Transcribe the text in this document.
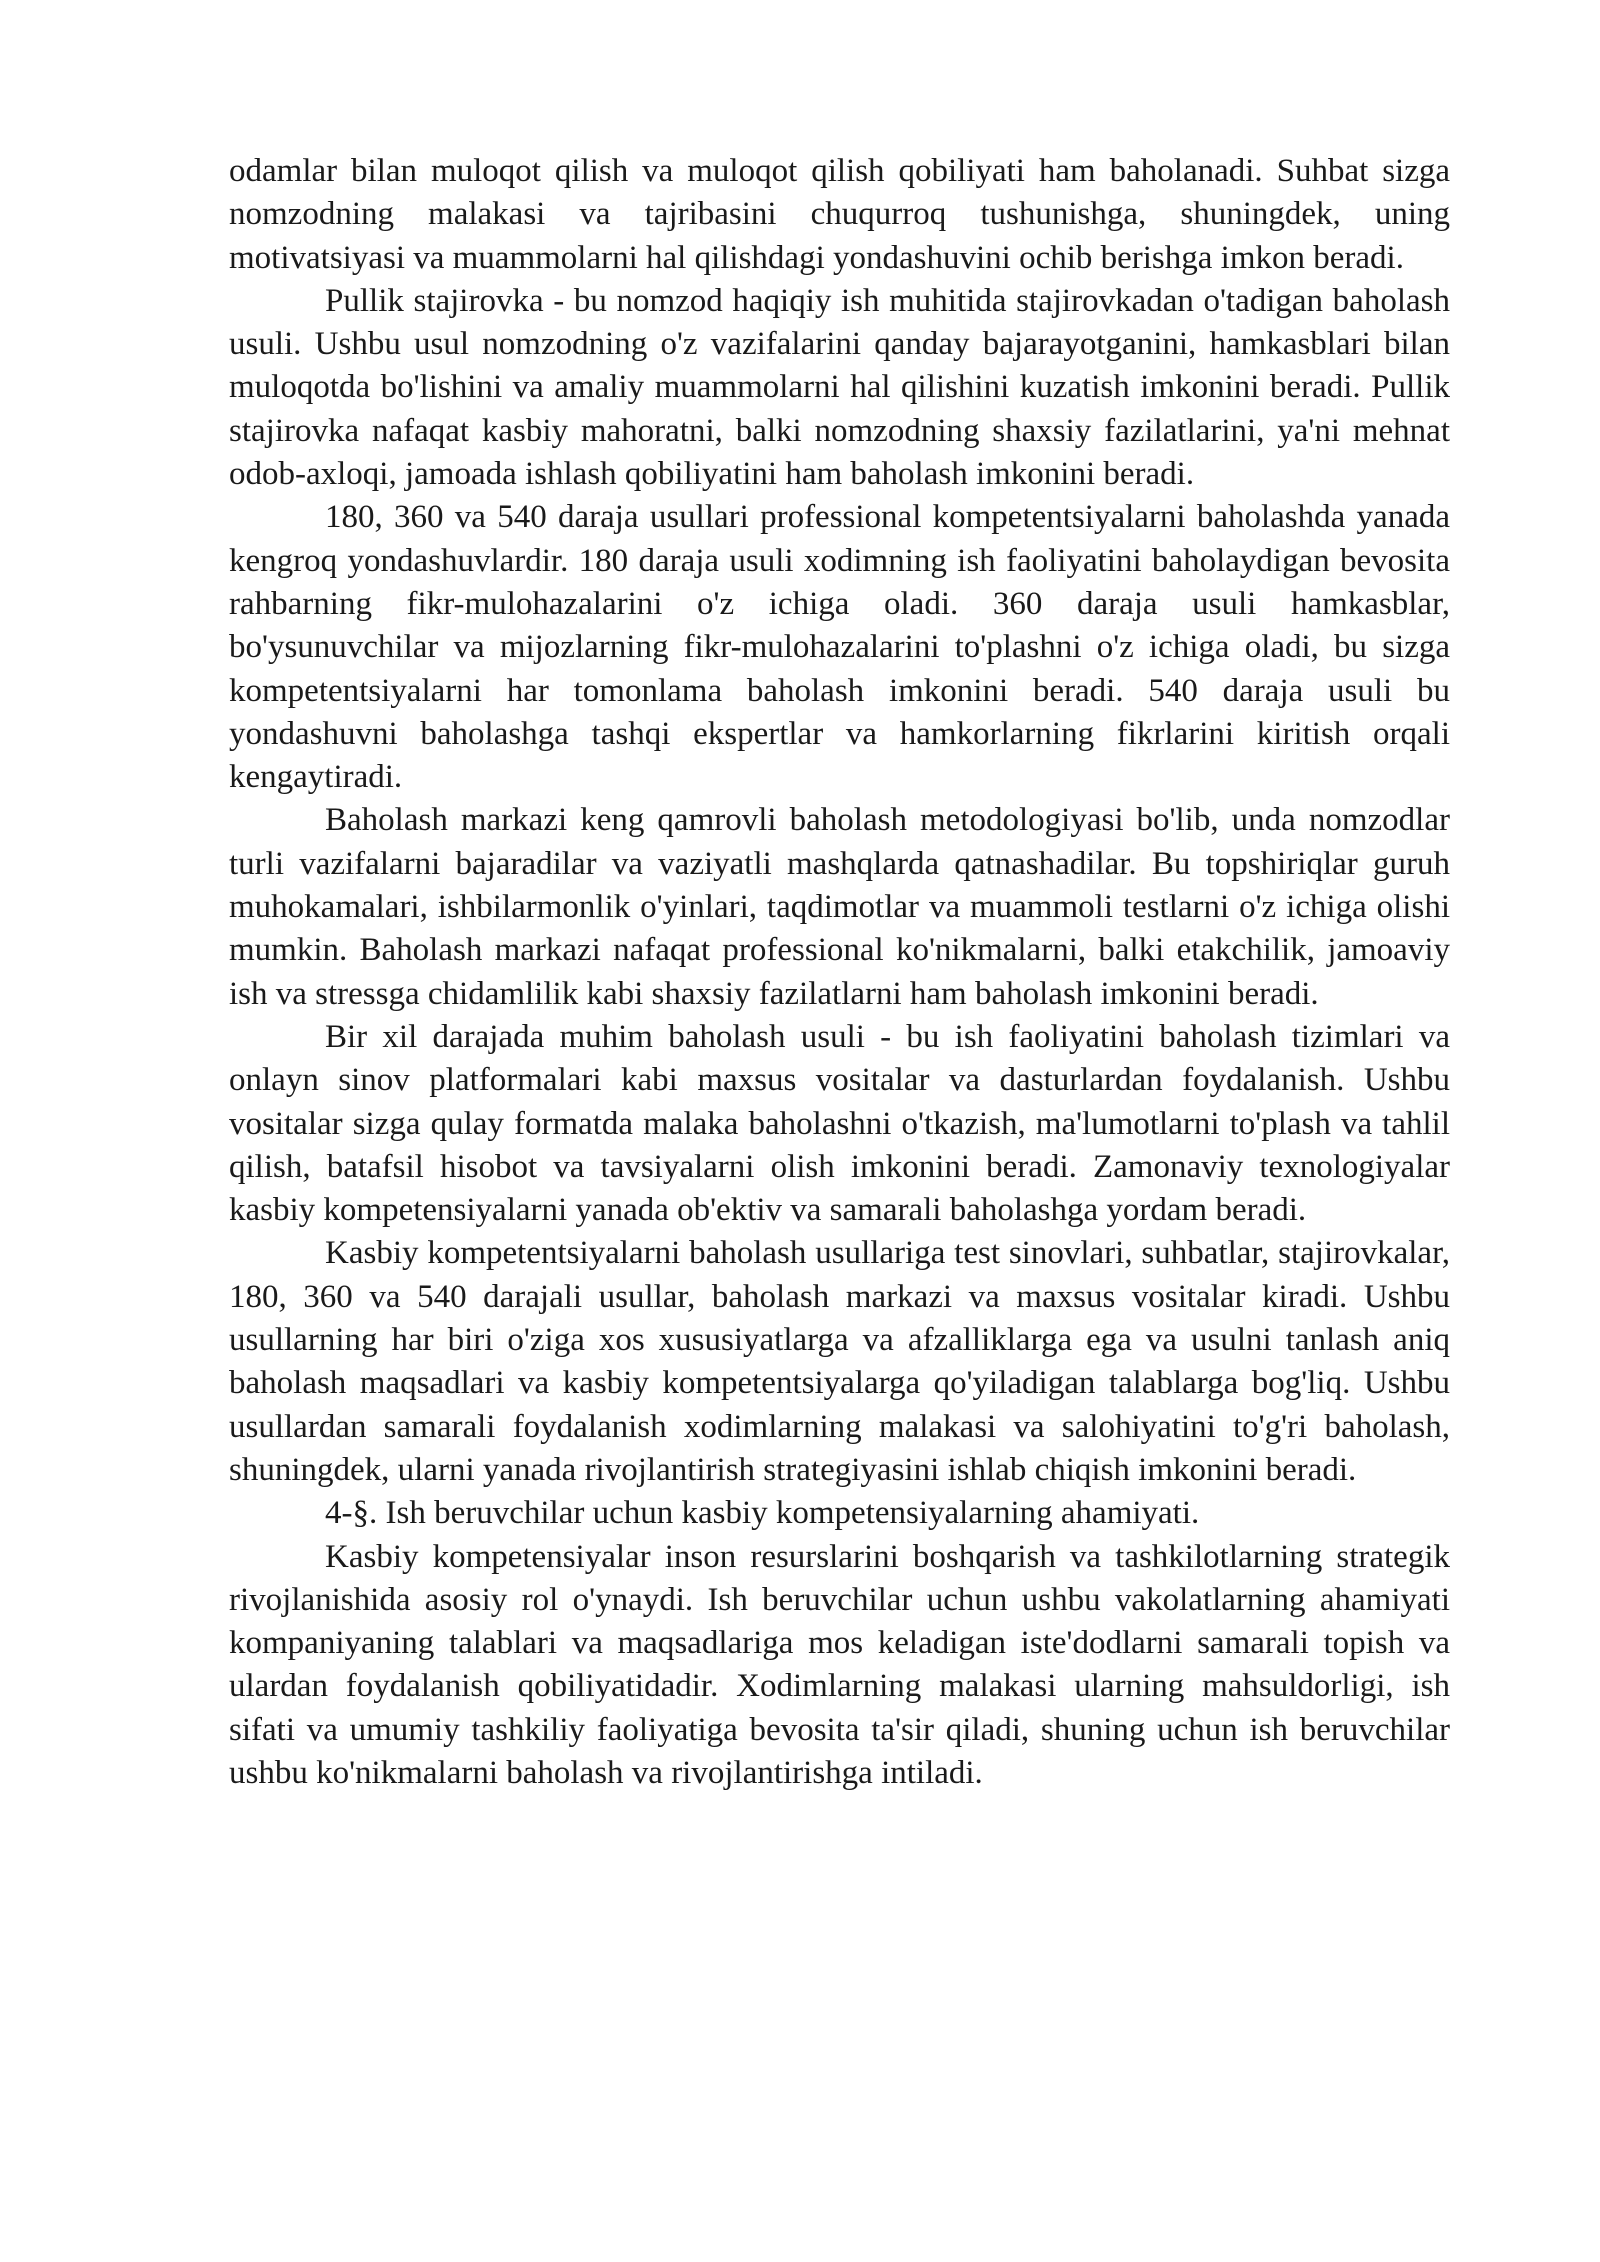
odamlar bilan muloqot qilish va muloqot qilish qobiliyati ham baholanadi. Suhbat sizga nomzodning malakasi va tajribasini chuqurroq tushunishga, shuningdek, uning motivatsiyasi va muammolarni hal qilishdagi yondashuvini ochib berishga imkon beradi.

Pullik stajirovka - bu nomzod haqiqiy ish muhitida stajirovkadan o'tadigan baholash usuli. Ushbu usul nomzodning o'z vazifalarini qanday bajarayotganini, hamkasblari bilan muloqotda bo'lishini va amaliy muammolarni hal qilishini kuzatish imkonini beradi. Pullik stajirovka nafaqat kasbiy mahoratni, balki nomzodning shaxsiy fazilatlarini, ya'ni mehnat odob-axloqi, jamoada ishlash qobiliyatini ham baholash imkonini beradi.

180, 360 va 540 daraja usullari professional kompetentsiyalarni baholashda yanada kengroq yondashuvlardir. 180 daraja usuli xodimning ish faoliyatini baholaydigan bevosita rahbarning fikr-mulohazalarini o'z ichiga oladi. 360 daraja usuli hamkasblar, bo'ysunuvchilar va mijozlarning fikr-mulohazalarini to'plashni o'z ichiga oladi, bu sizga kompetentsiyalarni har tomonlama baholash imkonini beradi. 540 daraja usuli bu yondashuvni baholashga tashqi ekspertlar va hamkorlarning fikrlarini kiritish orqali kengaytiradi.

Baholash markazi keng qamrovli baholash metodologiyasi bo'lib, unda nomzodlar turli vazifalarni bajaradilar va vaziyatli mashqlarda qatnashadilar. Bu topshiriqlar guruh muhokamalari, ishbilarmonlik o'yinlari, taqdimotlar va muammoli testlarni o'z ichiga olishi mumkin. Baholash markazi nafaqat professional ko'nikmalarni, balki etakchilik, jamoaviy ish va stressga chidamlilik kabi shaxsiy fazilatlarni ham baholash imkonini beradi.

Bir xil darajada muhim baholash usuli - bu ish faoliyatini baholash tizimlari va onlayn sinov platformalari kabi maxsus vositalar va dasturlardan foydalanish. Ushbu vositalar sizga qulay formatda malaka baholashni o'tkazish, ma'lumotlarni to'plash va tahlil qilish, batafsil hisobot va tavsiyalarni olish imkonini beradi. Zamonaviy texnologiyalar kasbiy kompetensiyalarni yanada ob'ektiv va samarali baholashga yordam beradi.

Kasbiy kompetentsiyalarni baholash usullariga test sinovlari, suhbatlar, stajirovkalar, 180, 360 va 540 darajali usullar, baholash markazi va maxsus vositalar kiradi. Ushbu usullarning har biri o'ziga xos xususiyatlarga va afzalliklarga ega va usulni tanlash aniq baholash maqsadlari va kasbiy kompetentsiyalarga qo'yiladigan talablarga bog'liq. Ushbu usullardan samarali foydalanish xodimlarning malakasi va salohiyatini to'g'ri baholash, shuningdek, ularni yanada rivojlantirish strategiyasini ishlab chiqish imkonini beradi.

4-§. Ish beruvchilar uchun kasbiy kompetensiyalarning ahamiyati.

Kasbiy kompetensiyalar inson resurslarini boshqarish va tashkilotlarning strategik rivojlanishida asosiy rol o'ynaydi. Ish beruvchilar uchun ushbu vakolatlarning ahamiyati kompaniyaning talablari va maqsadlariga mos keladigan iste'dodlarni samarali topish va ulardan foydalanish qobiliyatidadir. Xodimlarning malakasi ularning mahsuldorligi, ish sifati va umumiy tashkiliy faoliyatiga bevosita ta'sir qiladi, shuning uchun ish beruvchilar ushbu ko'nikmalarni baholash va rivojlantirishga intiladi.
